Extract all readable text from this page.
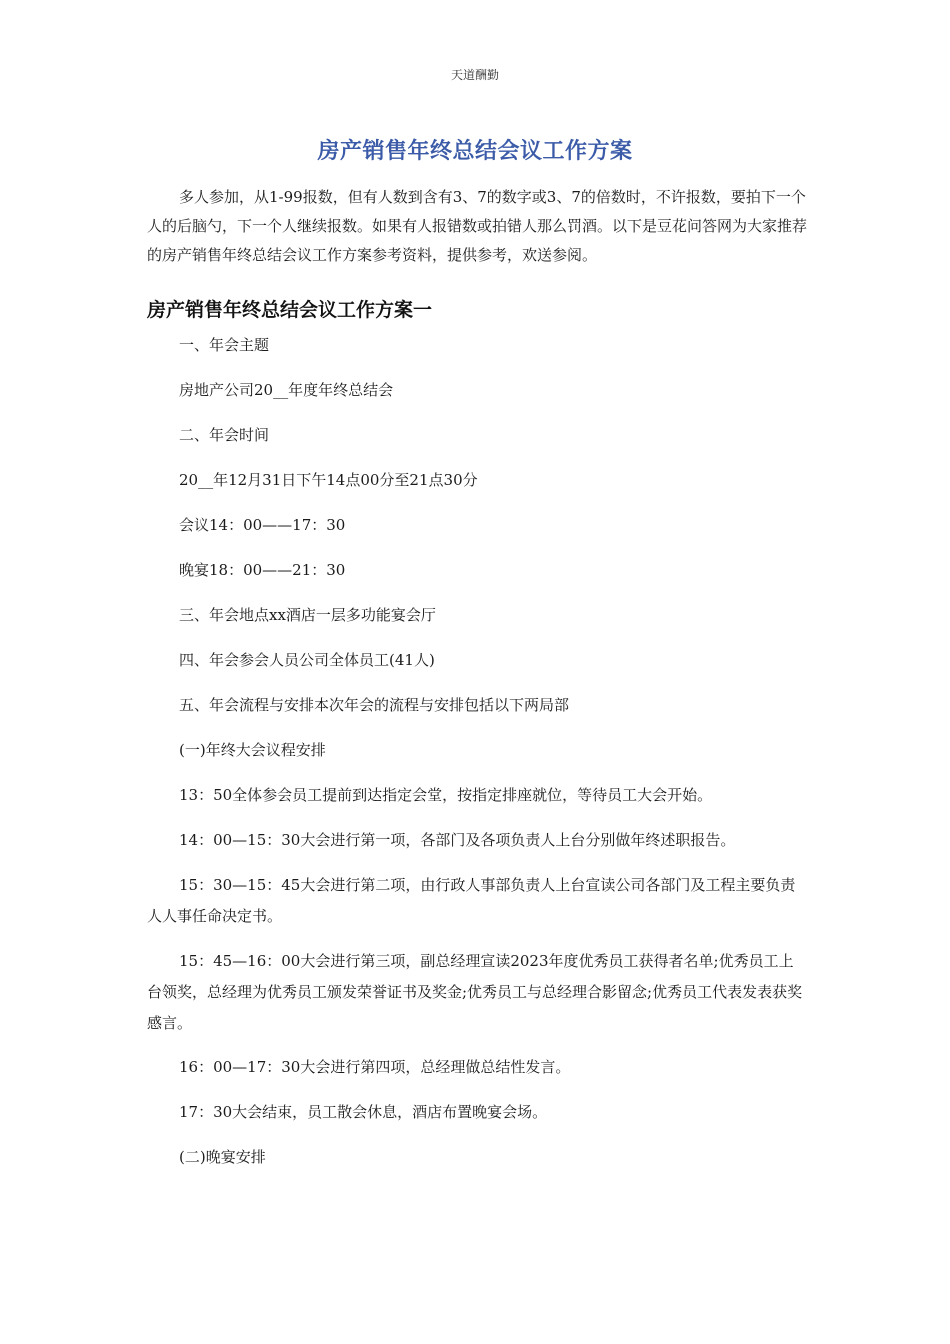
天道酬勤
房产销售年终总结会议工作方案

多人参加，从1-99报数，但有人数到含有3、7的数字或3、7的倍数时，不许报数，要拍下一个人的后脑勺，下一个人继续报数。如果有人报错数或拍错人那么罚酒。以下是豆花问答网为大家推荐的房产销售年终总结会议工作方案参考资料，提供参考，欢送参阅。

房产销售年终总结会议工作方案一

一、年会主题

房地产公司20__年度年终总结会

二、年会时间

20__年12月31日下午14点00分至21点30分

会议14：00——17：30

晚宴18：00——21：30

三、年会地点xx酒店一层多功能宴会厅

四、年会参会人员公司全体员工(41人)

五、年会流程与安排本次年会的流程与安排包括以下两局部

(一)年终大会议程安排

13：50全体参会员工提前到达指定会堂，按指定排座就位，等待员工大会开始。

14：00—15：30大会进行第一项，各部门及各项负责人上台分别做年终述职报告。

15：30—15：45大会进行第二项，由行政人事部负责人上台宣读公司各部门及工程主要负责人人事任命决定书。

15：45—16：00大会进行第三项，副总经理宣读2023年度优秀员工获得者名单;优秀员工上台领奖，总经理为优秀员工颁发荣誉证书及奖金;优秀员工与总经理合影留念;优秀员工代表发表获奖感言。

16：00—17：30大会进行第四项，总经理做总结性发言。

17：30大会结束，员工散会休息，酒店布置晚宴会场。

(二)晚宴安排
